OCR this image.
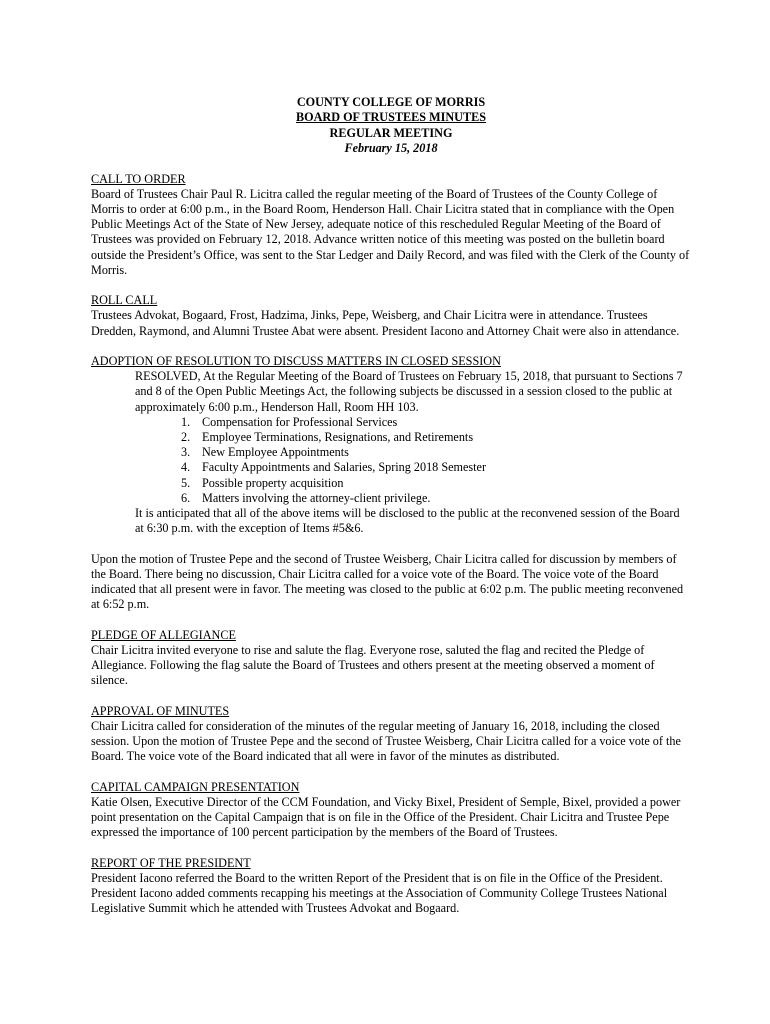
COUNTY COLLEGE OF MORRIS
BOARD OF TRUSTEES MINUTES
REGULAR MEETING
February 15, 2018
CALL TO ORDER
Board of Trustees Chair Paul R. Licitra called the regular meeting of the Board of Trustees of the County College of Morris to order at 6:00 p.m., in the Board Room, Henderson Hall. Chair Licitra stated that in compliance with the Open Public Meetings Act of the State of New Jersey, adequate notice of this rescheduled Regular Meeting of the Board of Trustees was provided on February 12, 2018. Advance written notice of this meeting was posted on the bulletin board outside the President’s Office, was sent to the Star Ledger and Daily Record, and was filed with the Clerk of the County of Morris.
ROLL CALL
Trustees Advokat, Bogaard, Frost, Hadzima, Jinks, Pepe, Weisberg, and Chair Licitra were in attendance. Trustees Dredden, Raymond, and Alumni Trustee Abat were absent. President Iacono and Attorney Chait were also in attendance.
ADOPTION OF RESOLUTION TO DISCUSS MATTERS IN CLOSED SESSION
RESOLVED, At the Regular Meeting of the Board of Trustees on February 15, 2018, that pursuant to Sections 7 and 8 of the Open Public Meetings Act, the following subjects be discussed in a session closed to the public at approximately 6:00 p.m., Henderson Hall, Room HH 103.
1. Compensation for Professional Services
2. Employee Terminations, Resignations, and Retirements
3. New Employee Appointments
4. Faculty Appointments and Salaries, Spring 2018 Semester
5. Possible property acquisition
6. Matters involving the attorney-client privilege.
It is anticipated that all of the above items will be disclosed to the public at the reconvened session of the Board at 6:30 p.m. with the exception of Items #5&6.
Upon the motion of Trustee Pepe and the second of Trustee Weisberg, Chair Licitra called for discussion by members of the Board. There being no discussion, Chair Licitra called for a voice vote of the Board. The voice vote of the Board indicated that all present were in favor. The meeting was closed to the public at 6:02 p.m. The public meeting reconvened at 6:52 p.m.
PLEDGE OF ALLEGIANCE
Chair Licitra invited everyone to rise and salute the flag. Everyone rose, saluted the flag and recited the Pledge of Allegiance. Following the flag salute the Board of Trustees and others present at the meeting observed a moment of silence.
APPROVAL OF MINUTES
Chair Licitra called for consideration of the minutes of the regular meeting of January 16, 2018, including the closed session. Upon the motion of Trustee Pepe and the second of Trustee Weisberg, Chair Licitra called for a voice vote of the Board. The voice vote of the Board indicated that all were in favor of the minutes as distributed.
CAPITAL CAMPAIGN PRESENTATION
Katie Olsen, Executive Director of the CCM Foundation, and Vicky Bixel, President of Semple, Bixel, provided a power point presentation on the Capital Campaign that is on file in the Office of the President. Chair Licitra and Trustee Pepe expressed the importance of 100 percent participation by the members of the Board of Trustees.
REPORT OF THE PRESIDENT
President Iacono referred the Board to the written Report of the President that is on file in the Office of the President. President Iacono added comments recapping his meetings at the Association of Community College Trustees National Legislative Summit which he attended with Trustees Advokat and Bogaard.
